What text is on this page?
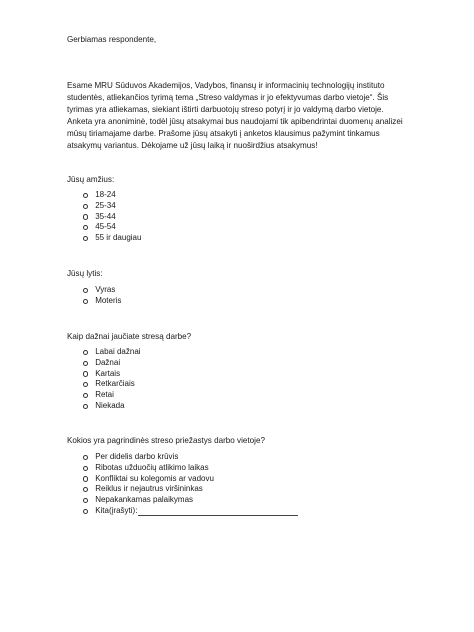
Gerbiamas respondente,

Esame MRU Sūduvos Akademijos, Vadybos, finansų ir informacinių technologijų instituto studentės, atliekančios tyrimą tema „Streso valdymas ir jo efektyvumas darbo vietoje“. Šis tyrimas yra atliekamas, siekiant ištirti darbuotojų streso potyrį ir jo valdymą darbo vietoje.

Anketa yra anoniminė, todėl jūsų atsakymai bus naudojami tik apibendrintai duomenų analizei mūsų tiriamajame darbe. Prašome jūsų atsakyti į anketos klausimus pažymint tinkamus atsakymų variantus. Dėkojame už jūsų laiką ir nuoširdžius atsakymus!

Jūsų amžius:

18-24
25-34
35-44
45-54
55 ir daugiau

Jūsų lytis:

Vyras
Moteris

Kaip dažnai jaučiate stresą darbe?

Labai dažnai
Dažnai
Kartais
Retkarčiais
Retai
Niekada

Kokios yra pagrindinės streso priežastys darbo vietoje?

Per didelis darbo krūvis
Ribotas užduočių atlikimo laikas
Konfliktai su kolegomis ar vadovu
Reiklus ir nejautrus viršininkas
Nepakankamas palaikymas
Kita(įrašyti):
